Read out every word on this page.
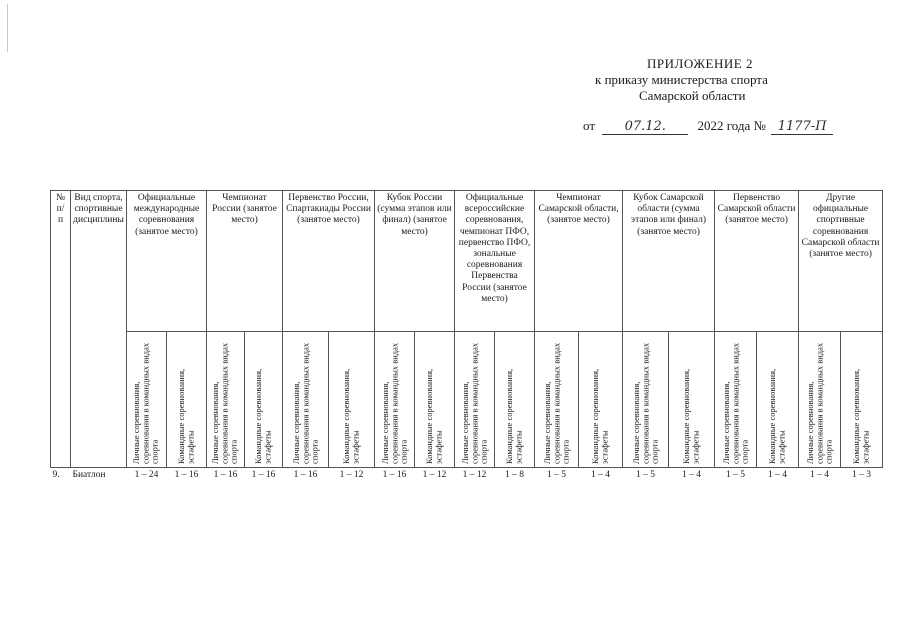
ПРИЛОЖЕНИЕ 2
к приказу министерства спорта
Самарской области
от 07.12. 2022 года № 1177-П
№ п/ п	Вид спорта, спортивные дисциплины	Официальные международные соревнования (занятое место)		Чемпионат России (занятое место)		Первенство России, Спартакиады России (занятое место)		Кубок России (сумма этапов или финал) (занятое место)		Официальные всероссийские соревнования, чемпионат ПФО, первенство ПФО, зональные соревнования Первенства России (занятое место)		Чемпионат Самарской области, (занятое место)		Кубок Самарской области (сумма этапов или финал) (занятое место)		Первенство Самарской области (занятое место)		Другие официальные спортивные соревнования Самарской области (занятое место)	

		Личные соревнования, соревнования в командных видах спорта	Командные соревнования, эстафеты	Личные соревнования, соревнования в командных видах спорта	Командные соревнования, эстафеты	Личные соревнования, соревнования в командных видах спорта	Командные соревнования, эстафеты	Личные соревнования, соревнования в командных видах спорта	Командные соревнования, эстафеты	Личные соревнования, соревнования в командных видах спорта	Командные соревнования, эстафеты	Личные соревнования, соревнования в командных видах спорта	Командные соревнования, эстафеты	Личные соревнования, соревнования в командных видах спорта	Командные соревнования, эстафеты	Личные соревнования, соревнования в командных видах спорта	Командные соревнования, эстафеты	Личные соревнования, соревнования в командных видах спорта	Командные соревнования, эстафеты

9.	Биатлон	1 – 24	1 – 16	1 – 16	1 – 16	1 – 16	1 – 12	1 – 16	1 – 12	1 – 12	1 – 8	1 – 5	1 – 4	1 – 5	1 – 4	1 – 5	1 – 4	1 – 4	1 – 3
